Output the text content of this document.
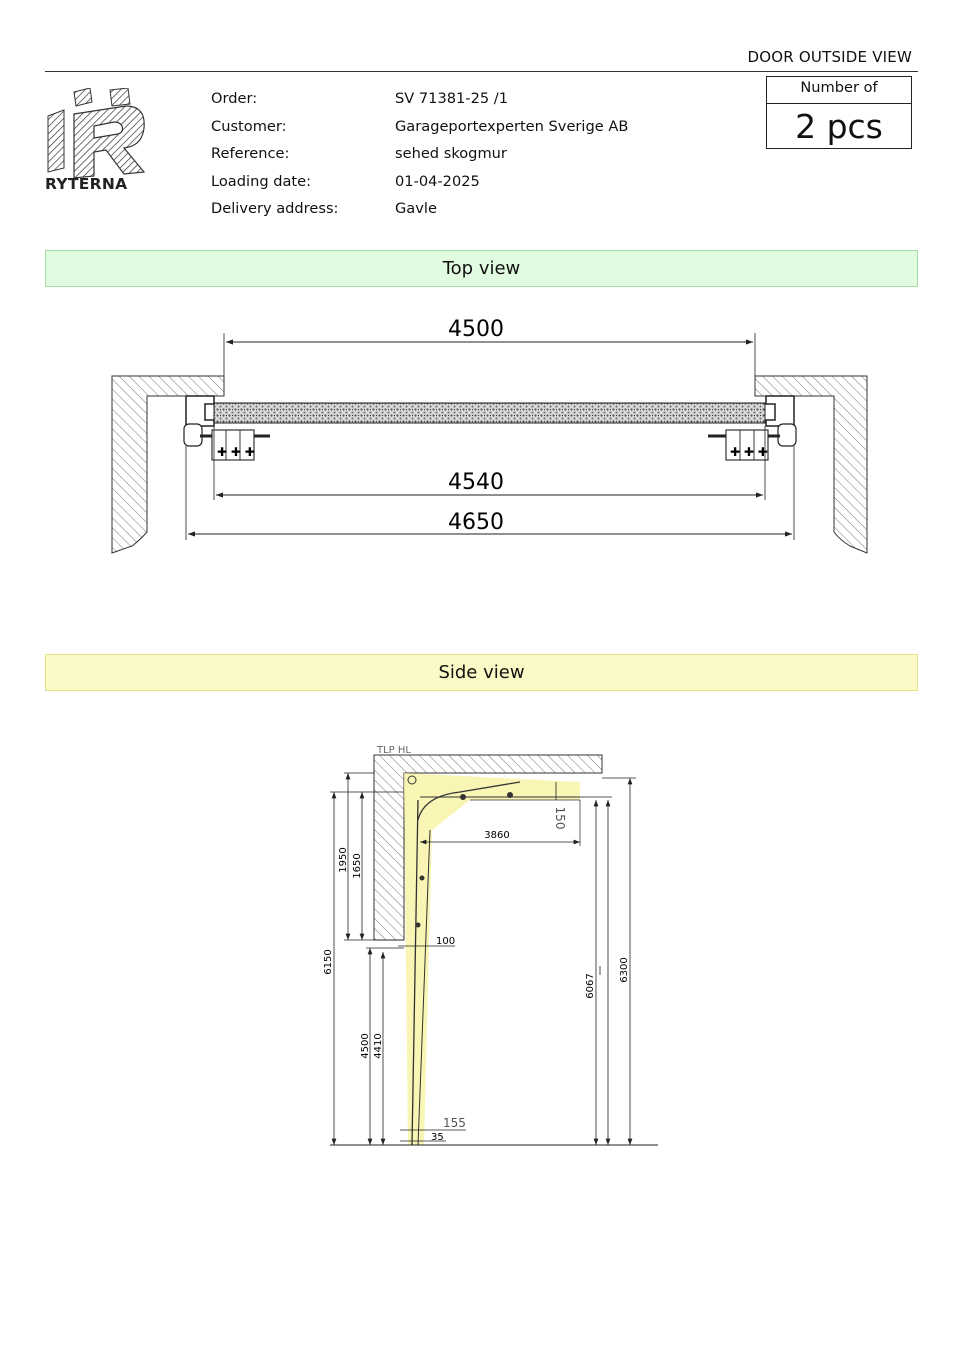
DOOR OUTSIDE VIEW
RYTERNA
Order:	SV 71381-25 /1
Customer:	Garageportexperten Sverige AB
Reference:	sehed skogmur
Loading date:	01-04-2025
Delivery address:	Gavle
Number of
2 pcs
Top view
Side view
✚ ✚ ✚	✚ ✚ ✚
4500
4540
4650
TLP HL
6150
1950 1650
4500 4410
3860
150
100
6067
6300
155
35
